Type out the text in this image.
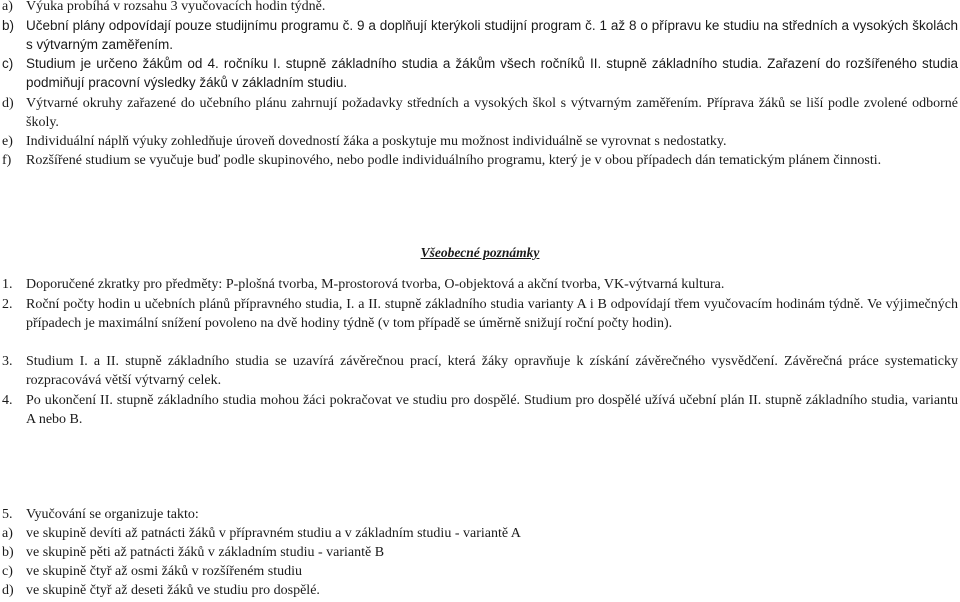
a) Výuka probíhá v rozsahu 3 vyučovacích hodin týdně.

b) Učební plány odpovídají pouze studijnímu programu č. 9 a doplňují kterýkoli studijní program č. 1 až 8 o přípravu ke studiu na středních a vysokých školách s výtvarným zaměřením.

c) Studium je určeno žákům od 4. ročníku I. stupně základního studia a žákům všech ročníků II. stupně základního studia. Zařazení do rozšířeného studia podmiňují pracovní výsledky žáků v základním studiu.

d) Výtvarné okruhy zařazené do učebního plánu zahrnují požadavky středních a vysokých škol s výtvarným zaměřením. Příprava žáků se liší podle zvolené odborné školy.

e) Individuální náplň výuky zohledňuje úroveň dovedností žáka a poskytuje mu možnost individuálně se vyrovnat s nedostatky.

f)	Rozšířené studium se vyučuje buď podle skupinového, nebo podle individuálního programu, který je v obou případech dán tematickým plánem činnosti.

Všeobecné poznámky

1. Doporučené zkratky pro předměty: P-plošná tvorba, M-prostorová tvorba, O-objektová a akční tvorba, VK-výtvarná kultura.

2. Roční počty hodin u učebních plánů přípravného studia, I. a II. stupně základního studia varianty A i B odpovídají třem vyučovacím hodinám týdně. Ve výjimečných případech je maximální snížení povoleno na dvě hodiny týdně (v tom případě se úměrně snižují roční počty hodin).

3. Studium I. a II. stupně základního studia se uzavírá závěrečnou prací, která žáky opravňuje k získání závěrečného vysvědčení. Závěrečná práce systematicky rozpracovává větší výtvarný celek.

4. Po ukončení II. stupně základního studia mohou žáci pokračovat ve studiu pro dospělé. Studium pro dospělé užívá učební plán II. stupně základního studia, variantu A nebo B.

5. Vyučování se organizuje takto:

a) ve skupině devíti až patnácti žáků v přípravném studiu a v základním studiu - variantě A

b) ve skupině pěti až patnácti žáků v základním studiu - variantě B

c) ve skupině čtyř až osmi žáků v rozšířeném studiu

d) ve skupině čtyř až deseti žáků ve studiu pro dospělé.
